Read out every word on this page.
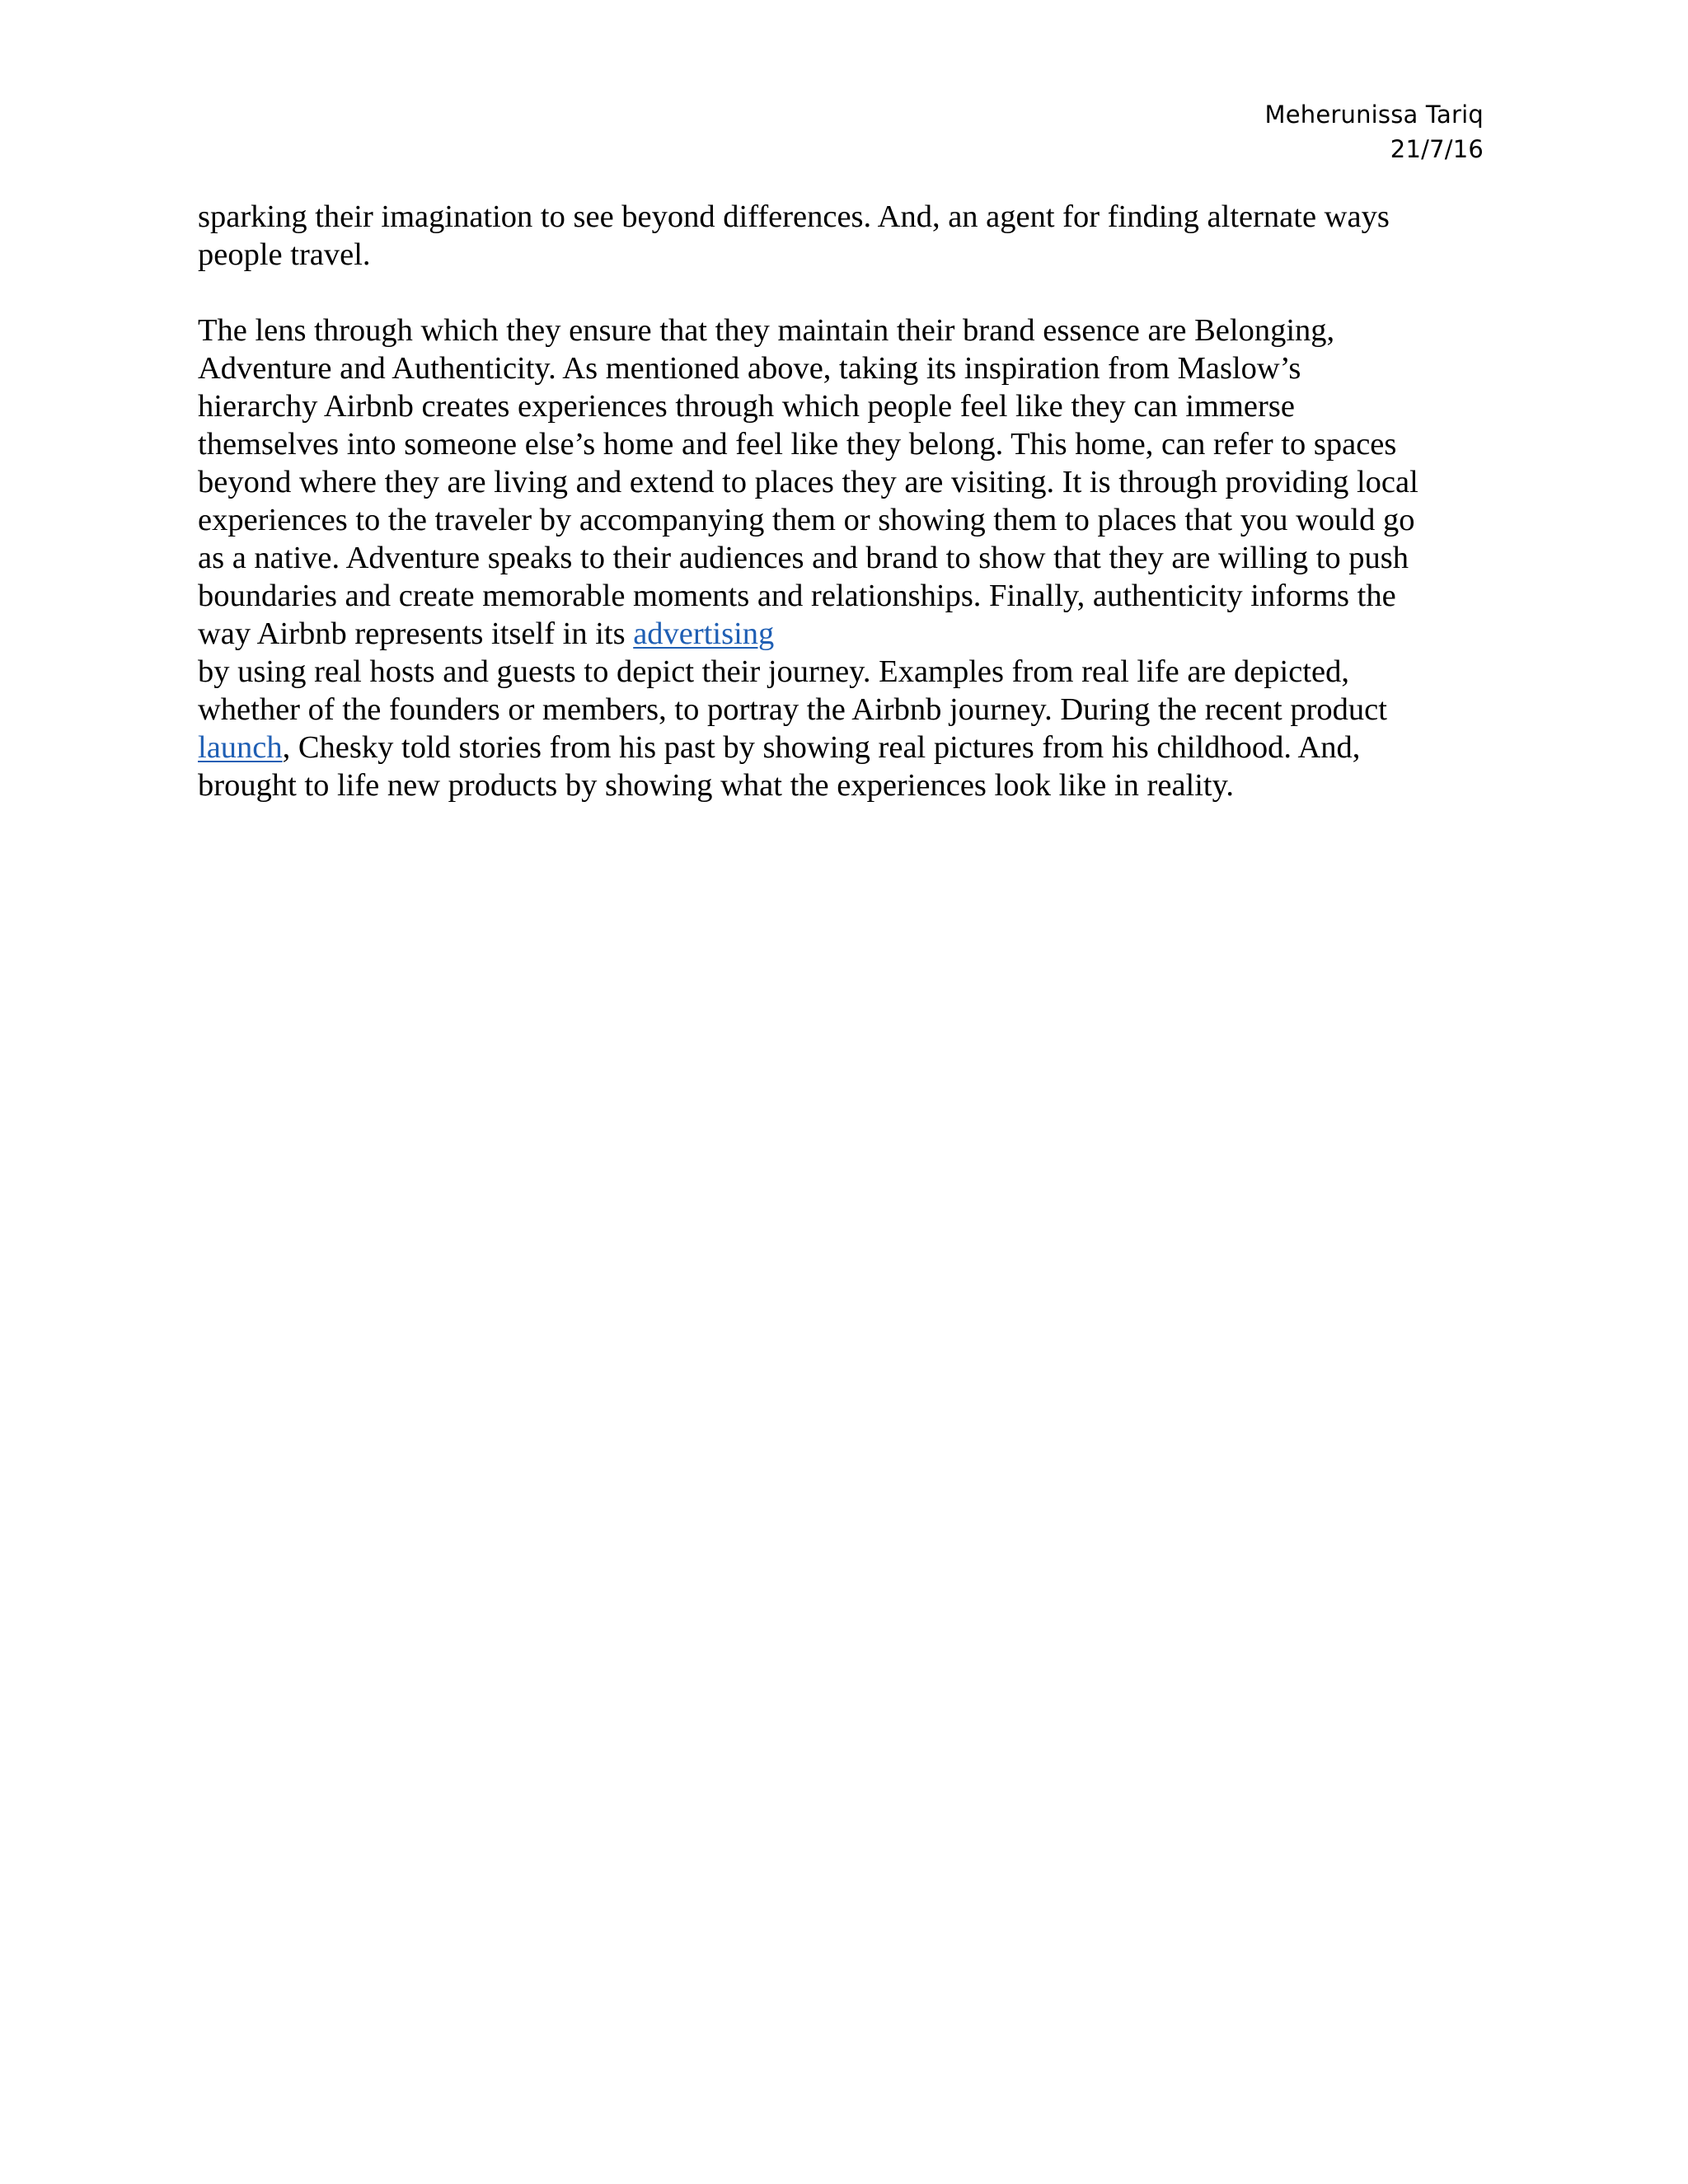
Meherunissa Tariq
21/7/16

sparking their imagination to see beyond differences. And, an agent for finding alternate ways
people travel.

The lens through which they ensure that they maintain their brand essence are Belonging,
Adventure and Authenticity. As mentioned above, taking its inspiration from Maslow’s
hierarchy Airbnb creates experiences through which people feel like they can immerse
themselves into someone else’s home and feel like they belong. This home, can refer to spaces
beyond where they are living and extend to places they are visiting. It is through providing local
experiences to the traveler by accompanying them or showing them to places that you would go
as a native. Adventure speaks to their audiences and brand to show that they are willing to push
boundaries and create memorable moments and relationships. Finally, authenticity informs the
way Airbnb represents itself in its advertising
by using real hosts and guests to depict their journey. Examples from real life are depicted,
whether of the founders or members, to portray the Airbnb journey. During the recent product
launch, Chesky told stories from his past by showing real pictures from his childhood. And,
brought to life new products by showing what the experiences look like in reality.
